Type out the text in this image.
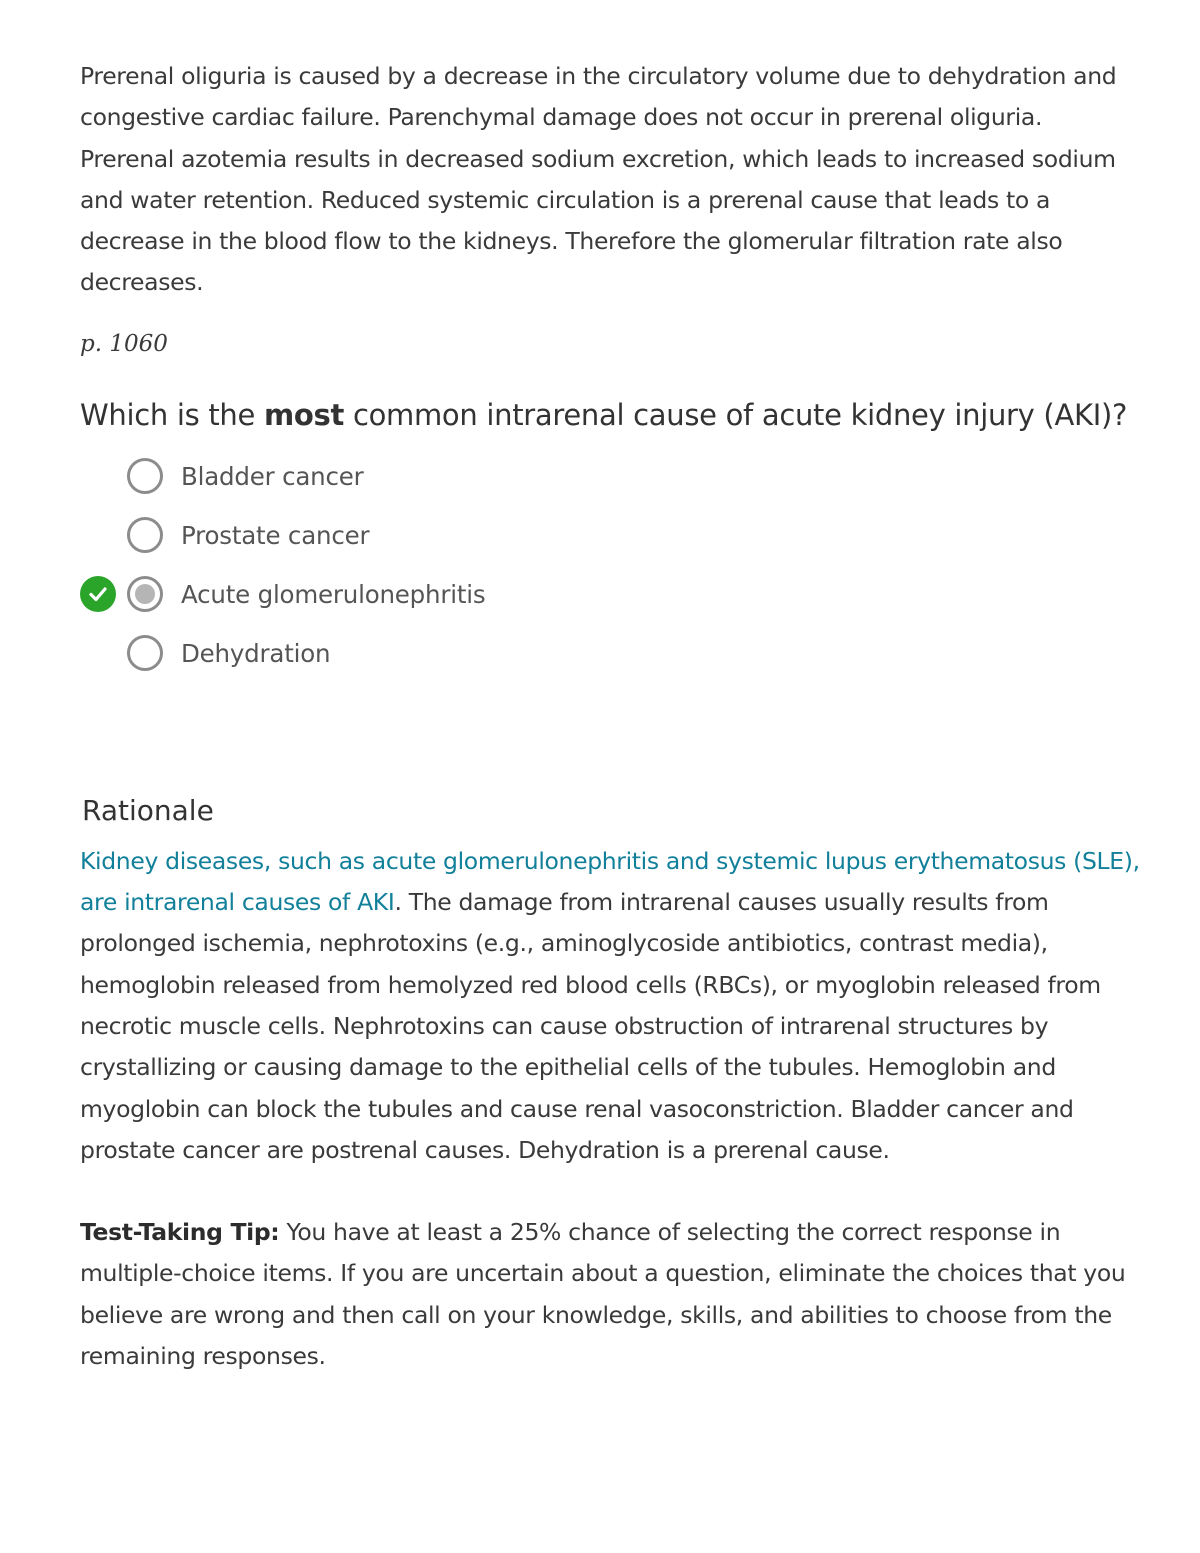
Prerenal oliguria is caused by a decrease in the circulatory volume due to dehydration and congestive cardiac failure. Parenchymal damage does not occur in prerenal oliguria. Prerenal azotemia results in decreased sodium excretion, which leads to increased sodium and water retention. Reduced systemic circulation is a prerenal cause that leads to a decrease in the blood flow to the kidneys. Therefore the glomerular filtration rate also decreases.

p. 1060

Which is the most common intrarenal cause of acute kidney injury (AKI)?
Bladder cancer
Prostate cancer
Acute glomerulonephritis
Dehydration
Rationale

Kidney diseases, such as acute glomerulonephritis and systemic lupus erythematosus (SLE), are intrarenal causes of AKI. The damage from intrarenal causes usually results from prolonged ischemia, nephrotoxins (e.g., aminoglycoside antibiotics, contrast media), hemoglobin released from hemolyzed red blood cells (RBCs), or myoglobin released from necrotic muscle cells. Nephrotoxins can cause obstruction of intrarenal structures by crystallizing or causing damage to the epithelial cells of the tubules. Hemoglobin and myoglobin can block the tubules and cause renal vasoconstriction. Bladder cancer and prostate cancer are postrenal causes. Dehydration is a prerenal cause.

Test-Taking Tip: You have at least a 25% chance of selecting the correct response in multiple-choice items. If you are uncertain about a question, eliminate the choices that you believe are wrong and then call on your knowledge, skills, and abilities to choose from the remaining responses.
